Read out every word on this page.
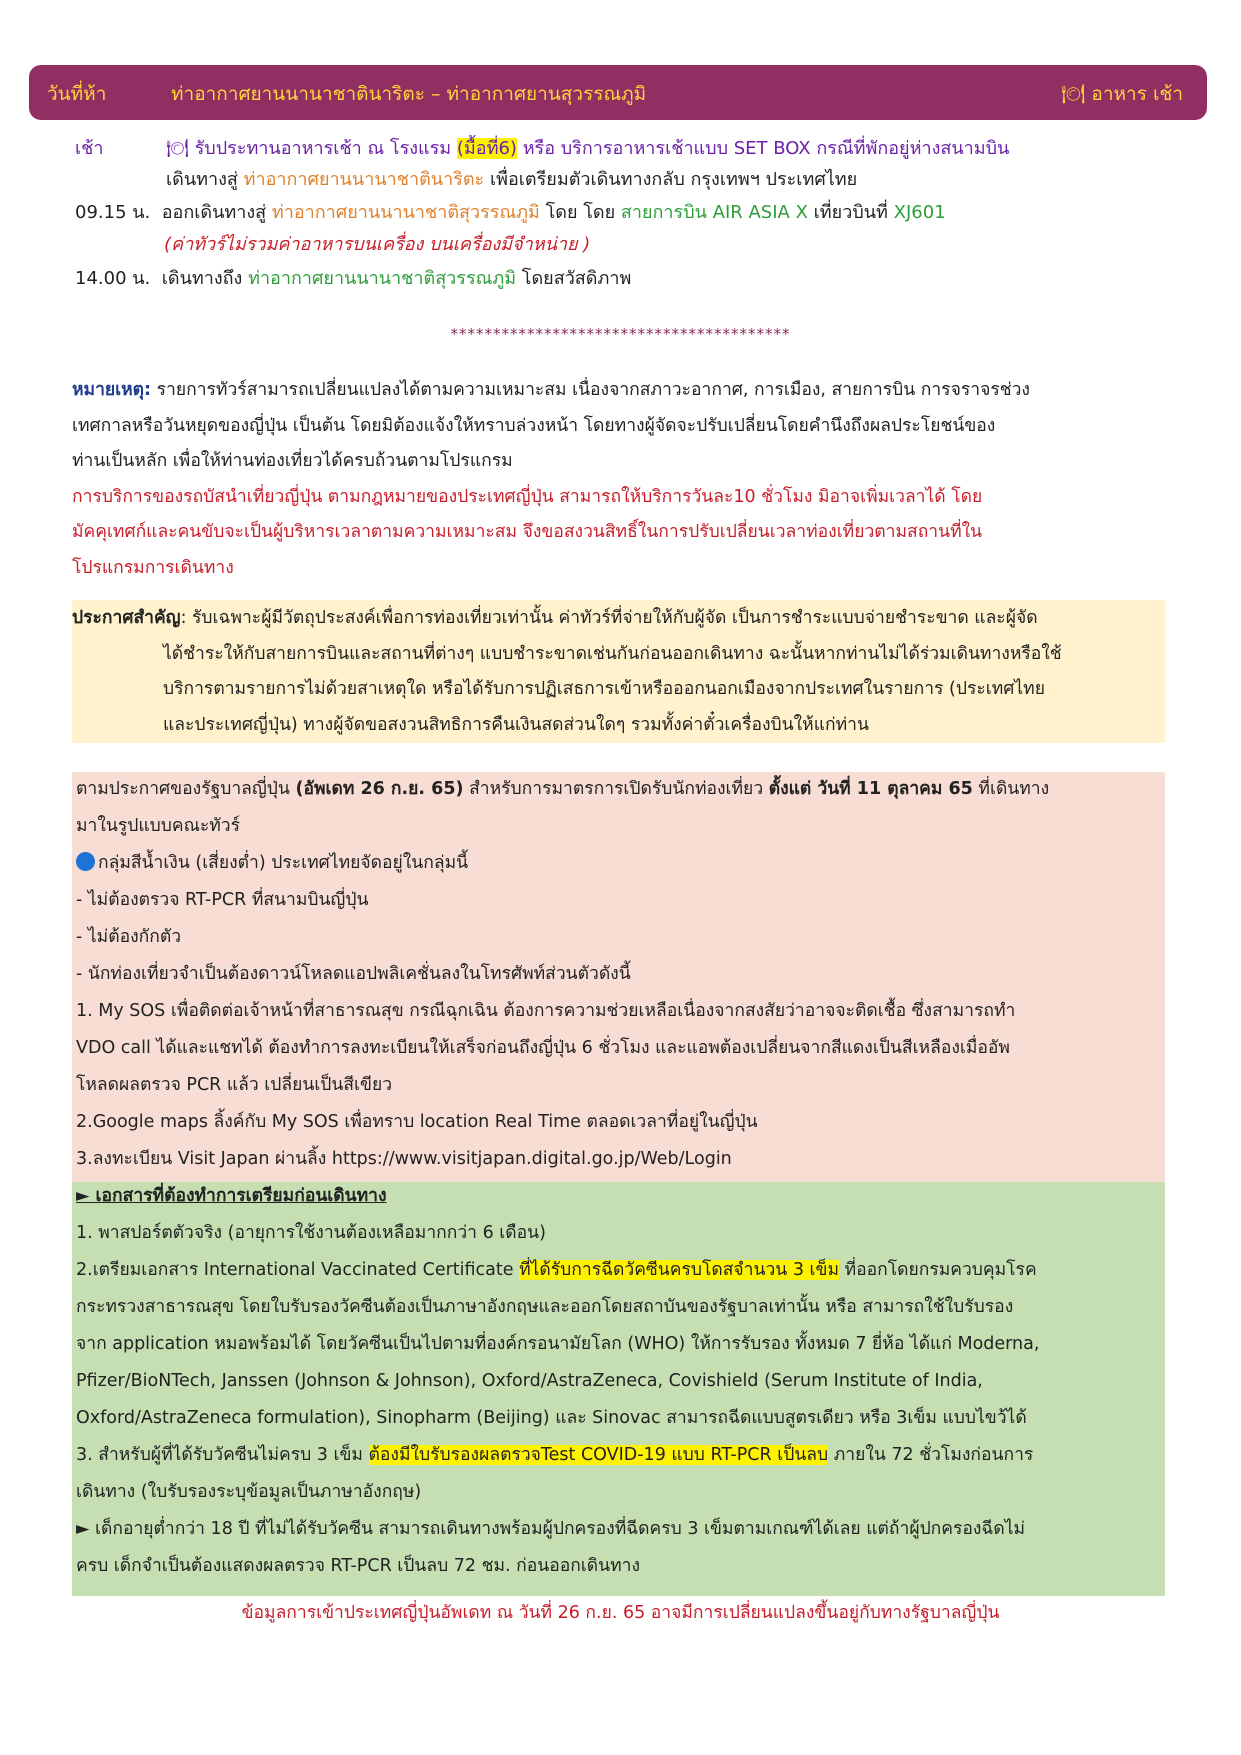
วันที่ห้า	ท่าอากาศยานนานาชาตินาริตะ – ท่าอากาศยานสุวรรณภูมิ	🍽 อาหาร เช้า
เช้า	🍽 รับประทานอาหารเช้า ณ โรงแรม (มื้อที่6) หรือ บริการอาหารเช้าแบบ SET BOX กรณีที่พักอยู่ห่างสนามบิน
เดินทางสู่ ท่าอากาศยานนานาชาตินาริตะ เพื่อเตรียมตัวเดินทางกลับ กรุงเทพฯ ประเทศไทย
09.15 น. ออกเดินทางสู่ ท่าอากาศยานนานาชาติสุวรรณภูมิ โดย โดย สายการบิน AIR ASIA X เที่ยวบินที่ XJ601
(ค่าทัวร์ไม่รวมค่าอาหารบนเครื่อง บนเครื่องมีจำหน่าย )
14.00 น. เดินทางถึง ท่าอากาศยานนานาชาติสุวรรณภูมิ โดยสวัสดิภาพ
****************************************
หมายเหตุ: รายการทัวร์สามารถเปลี่ยนแปลงได้ตามความเหมาะสม เนื่องจากสภาวะอากาศ, การเมือง, สายการบิน การจราจรช่วง
เทศกาลหรือวันหยุดของญี่ปุ่น เป็นต้น โดยมิต้องแจ้งให้ทราบล่วงหน้า โดยทางผู้จัดจะปรับเปลี่ยนโดยคำนึงถึงผลประโยชน์ของ
ท่านเป็นหลัก เพื่อให้ท่านท่องเที่ยวได้ครบถ้วนตามโปรแกรม
การบริการของรถบัสนำเที่ยวญี่ปุ่น ตามกฎหมายของประเทศญี่ปุ่น สามารถให้บริการวันละ10 ชั่วโมง มิอาจเพิ่มเวลาได้ โดย
มัคคุเทศก์และคนขับจะเป็นผู้บริหารเวลาตามความเหมาะสม จึงขอสงวนสิทธิ์ในการปรับเปลี่ยนเวลาท่องเที่ยวตามสถานที่ใน
โปรแกรมการเดินทาง
ประกาศสำคัญ: รับเฉพาะผู้มีวัตถุประสงค์เพื่อการท่องเที่ยวเท่านั้น ค่าทัวร์ที่จ่ายให้กับผู้จัด เป็นการชำระแบบจ่ายชำระขาด และผู้จัด
ได้ชำระให้กับสายการบินและสถานที่ต่างๆ แบบชำระขาดเช่นกันก่อนออกเดินทาง ฉะนั้นหากท่านไม่ได้ร่วมเดินทางหรือใช้
บริการตามรายการไม่ด้วยสาเหตุใด หรือได้รับการปฏิเสธการเข้าหรือออกนอกเมืองจากประเทศในรายการ (ประเทศไทย
และประเทศญี่ปุ่น) ทางผู้จัดขอสงวนสิทธิการคืนเงินสดส่วนใดๆ รวมทั้งค่าตั๋วเครื่องบินให้แก่ท่าน
ตามประกาศของรัฐบาลญี่ปุ่น (อัพเดท 26 ก.ย. 65) สำหรับการมาตรการเปิดรับนักท่องเที่ยว ตั้งแต่ วันที่ 11 ตุลาคม 65 ที่เดินทาง
มาในรูปแบบคณะทัวร์
กลุ่มสีน้ำเงิน (เสี่ยงต่ำ) ประเทศไทยจัดอยู่ในกลุ่มนี้
- ไม่ต้องตรวจ RT-PCR ที่สนามบินญี่ปุ่น
- ไม่ต้องกักตัว
- นักท่องเที่ยวจำเป็นต้องดาวน์โหลดแอปพลิเคชั่นลงในโทรศัพท์ส่วนตัวดังนี้
1. My SOS เพื่อติดต่อเจ้าหน้าที่สาธารณสุข กรณีฉุกเฉิน ต้องการความช่วยเหลือเนื่องจากสงสัยว่าอาจจะติดเชื้อ ซึ่งสามารถทำ
VDO call ได้และแชทได้ ต้องทำการลงทะเบียนให้เสร็จก่อนถึงญี่ปุ่น 6 ชั่วโมง และแอพต้องเปลี่ยนจากสีแดงเป็นสีเหลืองเมื่ออัพ
โหลดผลตรวจ PCR แล้ว เปลี่ยนเป็นสีเขียว
2.Google maps ลิ้งค์กับ My SOS เพื่อทราบ location Real Time ตลอดเวลาที่อยู่ในญี่ปุ่น
3.ลงทะเบียน Visit Japan ผ่านลิ้ง https://www.visitjapan.digital.go.jp/Web/Login
► เอกสารที่ต้องทำการเตรียมก่อนเดินทาง
1. พาสปอร์ตตัวจริง (อายุการใช้งานต้องเหลือมากกว่า 6 เดือน)
2.เตรียมเอกสาร International Vaccinated Certificate ที่ได้รับการฉีดวัคซีนครบโดสจำนวน 3 เข็ม ที่ออกโดยกรมควบคุมโรค
กระทรวงสาธารณสุข โดยใบรับรองวัคซีนต้องเป็นภาษาอังกฤษและออกโดยสถาบันของรัฐบาลเท่านั้น หรือ สามารถใช้ใบรับรอง
จาก application หมอพร้อมได้ โดยวัคซีนเป็นไปตามที่องค์กรอนามัยโลก (WHO) ให้การรับรอง ทั้งหมด 7 ยี่ห้อ ได้แก่ Moderna,
Pfizer/BioNTech, Janssen (Johnson & Johnson), Oxford/AstraZeneca, Covishield (Serum Institute of India,
Oxford/AstraZeneca formulation), Sinopharm (Beijing) และ Sinovac สามารถฉีดแบบสูตรเดียว หรือ 3เข็ม แบบไขว้ได้
3. สำหรับผู้ที่ได้รับวัคซีนไม่ครบ 3 เข็ม ต้องมีใบรับรองผลตรวจTest COVID-19 แบบ RT-PCR เป็นลบ ภายใน 72 ชั่วโมงก่อนการ
เดินทาง (ใบรับรองระบุข้อมูลเป็นภาษาอังกฤษ)
► เด็กอายุต่ำกว่า 18 ปี ที่ไม่ได้รับวัคซีน สามารถเดินทางพร้อมผู้ปกครองที่ฉีดครบ 3 เข็มตามเกณฑ์ได้เลย แต่ถ้าผู้ปกครองฉีดไม่
ครบ เด็กจำเป็นต้องแสดงผลตรวจ RT-PCR เป็นลบ 72 ชม. ก่อนออกเดินทาง
ข้อมูลการเข้าประเทศญี่ปุ่นอัพเดท ณ วันที่ 26 ก.ย. 65 อาจมีการเปลี่ยนแปลงขึ้นอยู่กับทางรัฐบาลญี่ปุ่น
